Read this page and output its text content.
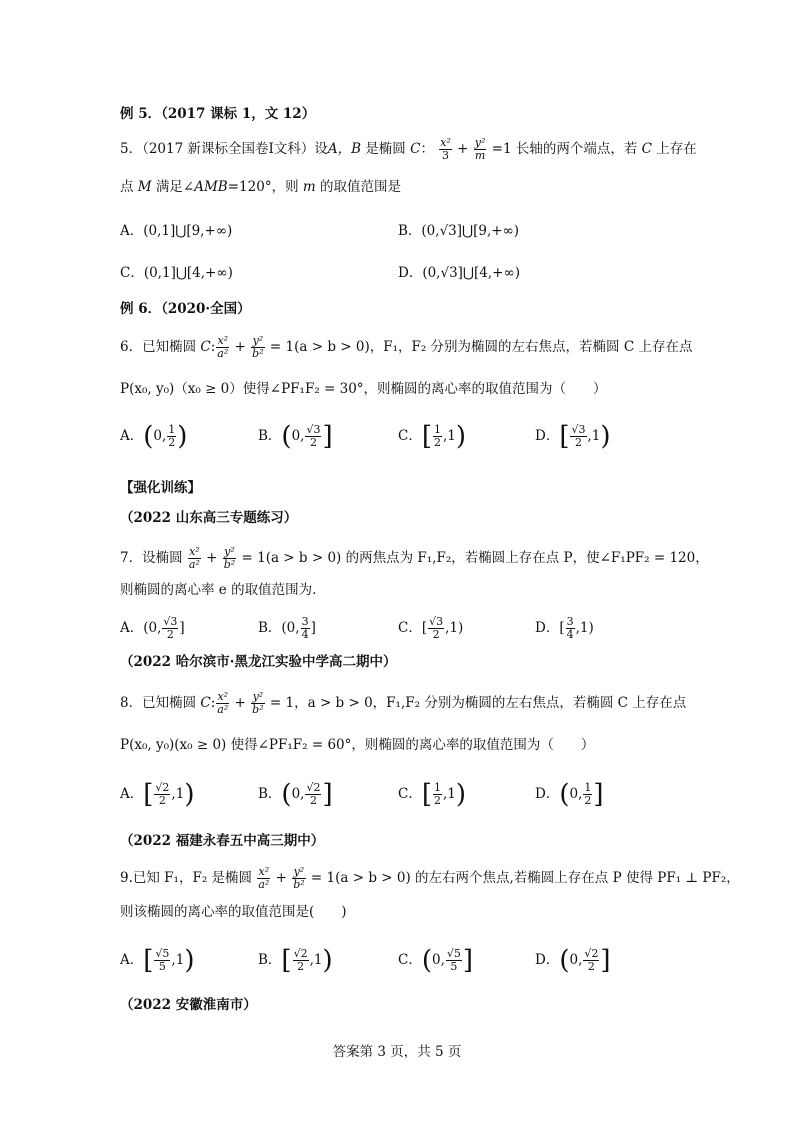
例 5．（2017 课标 1，文 12）
5．（2017 新课标全国卷Ⅰ文科）设A，B 是椭圆 C： $\frac{\text{x²}}{3} + \frac{\text{y²}}{m} =1$ 长轴的两个端点，若 C 上存在
点 M 满足∠AMB=120°，则 m 的取值范围是
A．(0,1]⋃[9,+∞)	B．(0,√3]⋃[9,+∞)
C．(0,1]⋃[4,+∞)	D．(0,√3]⋃[4,+∞)
例 6．（2020·全国）
6．已知椭圆 C: $\frac{\text{x²}}{\text{a²}} + \frac{\text{y²}}{\text{b²}} = 1(a > b > 0)$，F₁，F₂ 分别为椭圆的左右焦点，若椭圆 C 上存在点
P(x₀, y₀)（x₀ ≥ 0）使得∠PF₁F₂ = 30°，则椭圆的离心率的取值范围为（　　）
A．(0, $\frac{1}{2}$ )	B．(0, $\frac{√3}{2}$ ]	C．[ $\frac{1}{2} ,1$)	D．[ $\frac{√3}{2} ,1$)
【强化训练】
（2022 山东高三专题练习）
7．设椭圆 $\frac{\text{x²}}{\text{a²}} + \frac{\text{y²}}{\text{b²}} = 1(a > b > 0)$ 的两焦点为 F₁,F₂，若椭圆上存在点 P，使∠F₁PF₂ = 120，
则椭圆的离心率 e 的取值范围为.
A．(0, $\frac{√3}{2}$ ]	B．(0, $\frac{3}{4}$ ]	C．[ $\frac{√3}{2} ,1$)	D．[ $\frac{3}{4} ,1$)
（2022 哈尔滨市·黑龙江实验中学高二期中）
8．已知椭圆 C: $\frac{\text{x²}}{\text{a²}} + \frac{\text{y²}}{\text{b²}} = 1$，a > b > 0，F₁,F₂ 分别为椭圆的左右焦点，若椭圆 C 上存在点
P(x₀, y₀)(x₀ ≥ 0) 使得∠PF₁F₂ = 60°，则椭圆的离心率的取值范围为（　　）
A．[ $\frac{√2}{2} ,1$)	B．(0, $\frac{√2}{2}$ ]	C．[ $\frac{1}{2} ,1$)	D．(0, $\frac{1}{2}$ ]
（2022 福建永春五中高三期中）
9.已知 F₁，F₂ 是椭圆 $\frac{\text{x²}}{\text{a²}} + \frac{\text{y²}}{\text{b²}} = 1(a > b > 0)$ 的左右两个焦点,若椭圆上存在点 P 使得 PF₁ ⊥ PF₂，
则该椭圆的离心率的取值范围是(　　)
A．[ $\frac{√5}{5} ,1$)	B．[ $\frac{√2}{2} ,1$)	C．(0, $\frac{√5}{5}$ ]	D．(0, $\frac{√2}{2}$ ]
（2022 安徽淮南市）
答案第 3 页，共 5 页
